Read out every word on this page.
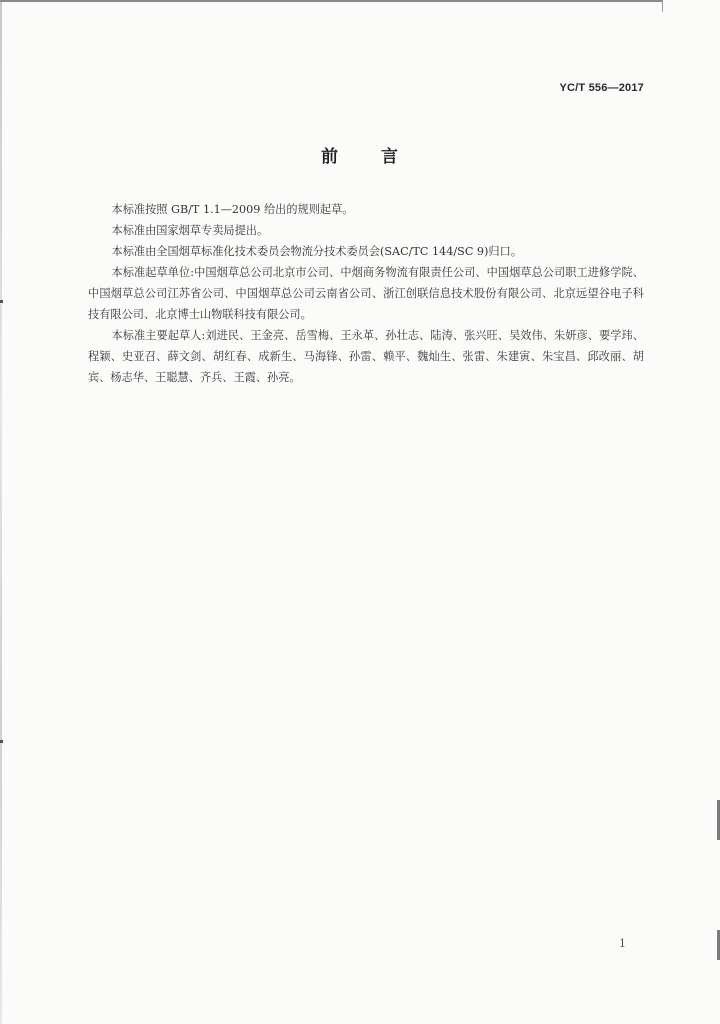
YC/T 556—2017
前 言

本标准按照 GB/T 1.1—2009 给出的规则起草。

本标准由国家烟草专卖局提出。

本标准由全国烟草标准化技术委员会物流分技术委员会(SAC/TC 144/SC 9)归口。

本标准起草单位:中国烟草总公司北京市公司、中烟商务物流有限责任公司、中国烟草总公司职工进修学院、中国烟草总公司江苏省公司、中国烟草总公司云南省公司、浙江创联信息技术股份有限公司、北京远望谷电子科技有限公司、北京博士山物联科技有限公司。

本标准主要起草人:刘进民、王金亮、岳雪梅、王永革、孙壮志、陆涛、张兴旺、吴效伟、朱妍彦、要学玮、程颖、史亚召、薛文剑、胡红春、成新生、马海锋、孙雷、赖平、魏灿生、张雷、朱建寅、朱宝昌、邱改丽、胡宾、杨志华、王聪慧、齐兵、王霞、孙亮。

1
